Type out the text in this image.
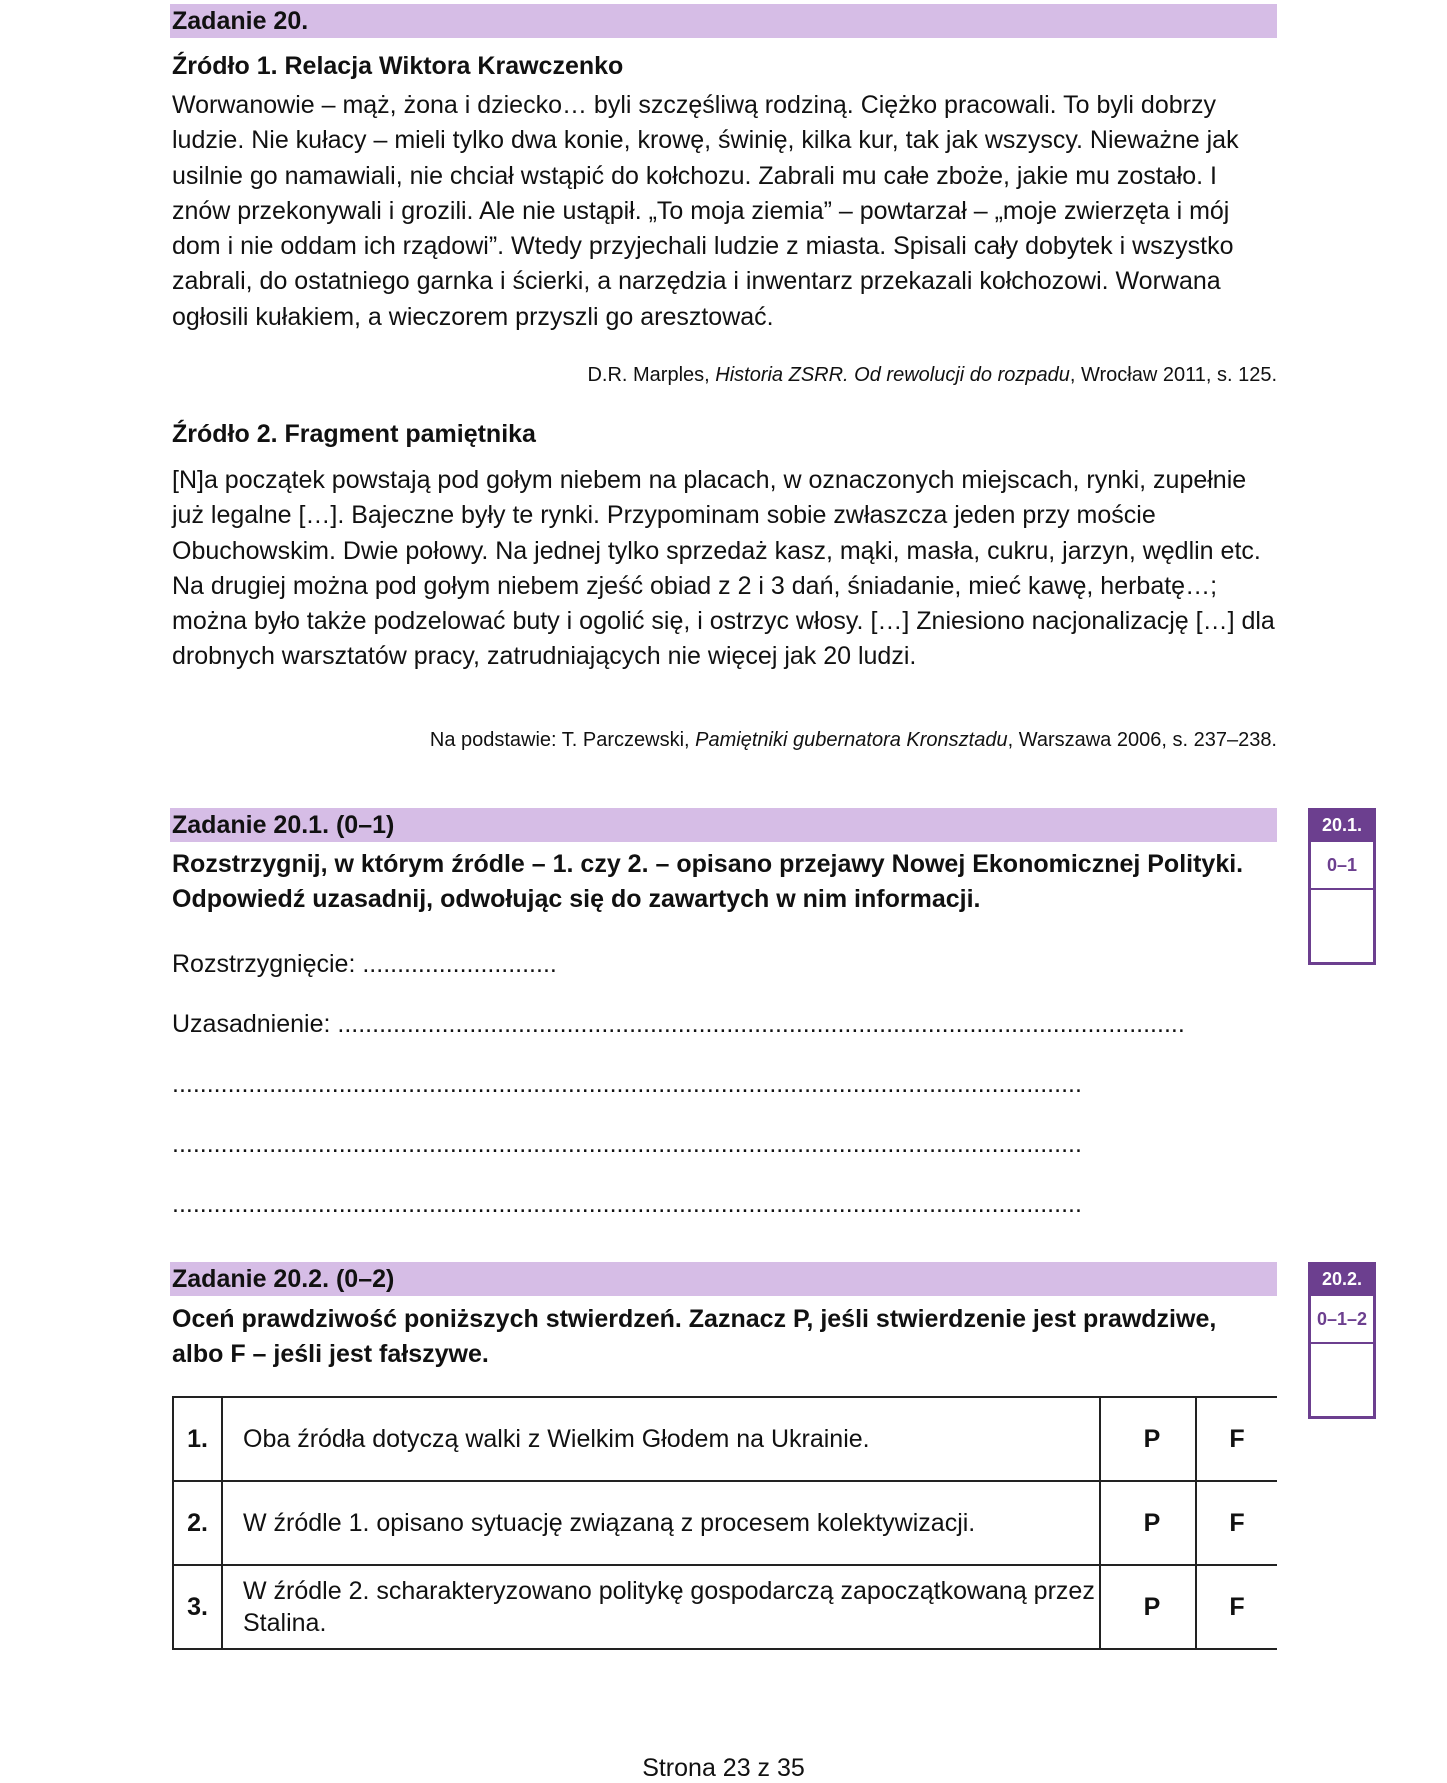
Zadanie 20.
Źródło 1. Relacja Wiktora Krawczenko
Worwanowie – mąż, żona i dziecko… byli szczęśliwą rodziną. Ciężko pracowali. To byli dobrzy ludzie. Nie kułacy – mieli tylko dwa konie, krowę, świnię, kilka kur, tak jak wszyscy. Nieważne jak usilnie go namawiali, nie chciał wstąpić do kołchozu. Zabrali mu całe zboże, jakie mu zostało. I znów przekonywali i grozili. Ale nie ustąpił. „To moja ziemia” – powtarzał – „moje zwierzęta i mój dom i nie oddam ich rządowi”. Wtedy przyjechali ludzie z miasta. Spisali cały dobytek i wszystko zabrali, do ostatniego garnka i ścierki, a narzędzia i inwentarz przekazali kołchozowi. Worwana ogłosili kułakiem, a wieczorem przyszli go aresztować.
D.R. Marples, Historia ZSRR. Od rewolucji do rozpadu, Wrocław 2011, s. 125.
Źródło 2. Fragment pamiętnika
[N]a początek powstają pod gołym niebem na placach, w oznaczonych miejscach, rynki, zupełnie już legalne […]. Bajeczne były te rynki. Przypominam sobie zwłaszcza jeden przy moście Obuchowskim. Dwie połowy. Na jednej tylko sprzedaż kasz, mąki, masła, cukru, jarzyn, wędlin etc. Na drugiej można pod gołym niebem zjeść obiad z 2 i 3 dań, śniadanie, mieć kawę, herbatę…; można było także podzelować buty i ogolić się, i ostrzyc włosy. […] Zniesiono nacjonalizację […] dla drobnych warsztatów pracy, zatrudniających nie więcej jak 20 ludzi.
Na podstawie: T. Parczewski, Pamiętniki gubernatora Kronsztadu, Warszawa 2006, s. 237–238.
Zadanie 20.1. (0–1)	20.1.
0–1
Rozstrzygnij, w którym źródle – 1. czy 2. – opisano przejawy Nowej Ekonomicznej Polityki. Odpowiedź uzasadnij, odwołując się do zawartych w nim informacji.
Rozstrzygnięcie: ............................
Uzasadnienie: ..........................................................................................................................
...................................................................................................................................
...................................................................................................................................
...................................................................................................................................
Zadanie 20.2. (0–2)	20.2.
0–1–2
Oceń prawdziwość poniższych stwierdzeń. Zaznacz P, jeśli stwierdzenie jest prawdziwe, albo F – jeśli jest fałszywe.
1.		Oba źródła dotyczą walki z Wielkim Głodem na Ukrainie.		P	F
2.		W źródle 1. opisano sytuację związaną z procesem kolektywizacji.		P	F
3.		W źródle 2. scharakteryzowano politykę gospodarczą zapoczątkowaną przez Stalina.		P	F
Strona 23 z 35
